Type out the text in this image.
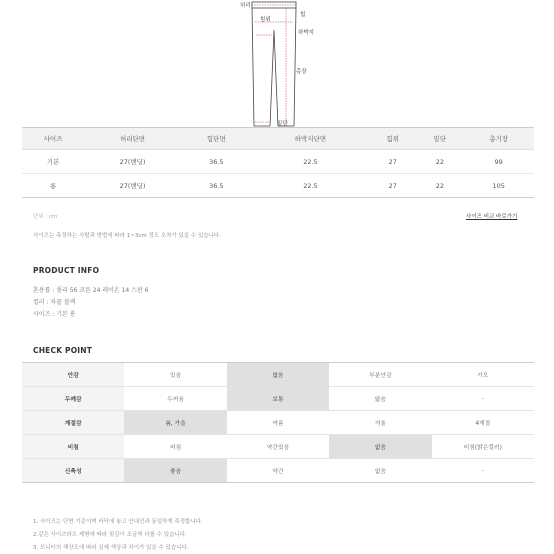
허리
힙
힘위
하박지
총장
밑단
사이즈	허리단면	힙단면	하박지단면	힘위	밑단	총기장
기본	27(밴딩)	36.5	22.5	27	22	99
롱	27(밴딩)	36.5	22.5	27	22	105
단위 : cm	사이즈 비교 바로가기

사이즈는 측정하는 사람과 방법에 따라 1~3cm 정도 오차가 있을 수 있습니다.

PRODUCT INFO

혼용률 : 폴리 56 코튼 24 레이온 14 스판 6

컬러 : 차콜 블랙

사이즈 : 기본 롱

CHECK POINT
안감	있음	없음	부분안감	기모
두께감	두꺼움	보통	얇음	-
계절감	봄, 가을	여름	겨울	4계절
비침	비침	약간있음	없음	비침(밝은컬러)
신축성	좋음	약간	없음	-

1. 사이즈는 단면 기준이며 바닥에 놓고 안내선과 동일하게 측정합니다.

2.같은 사이즈라도 제형에 따라 핏감이 조금씩 다를 수 있습니다.

3. 모니터의 해상도에 따라 실제 색상과 차이가 있을 수 있습니다.
